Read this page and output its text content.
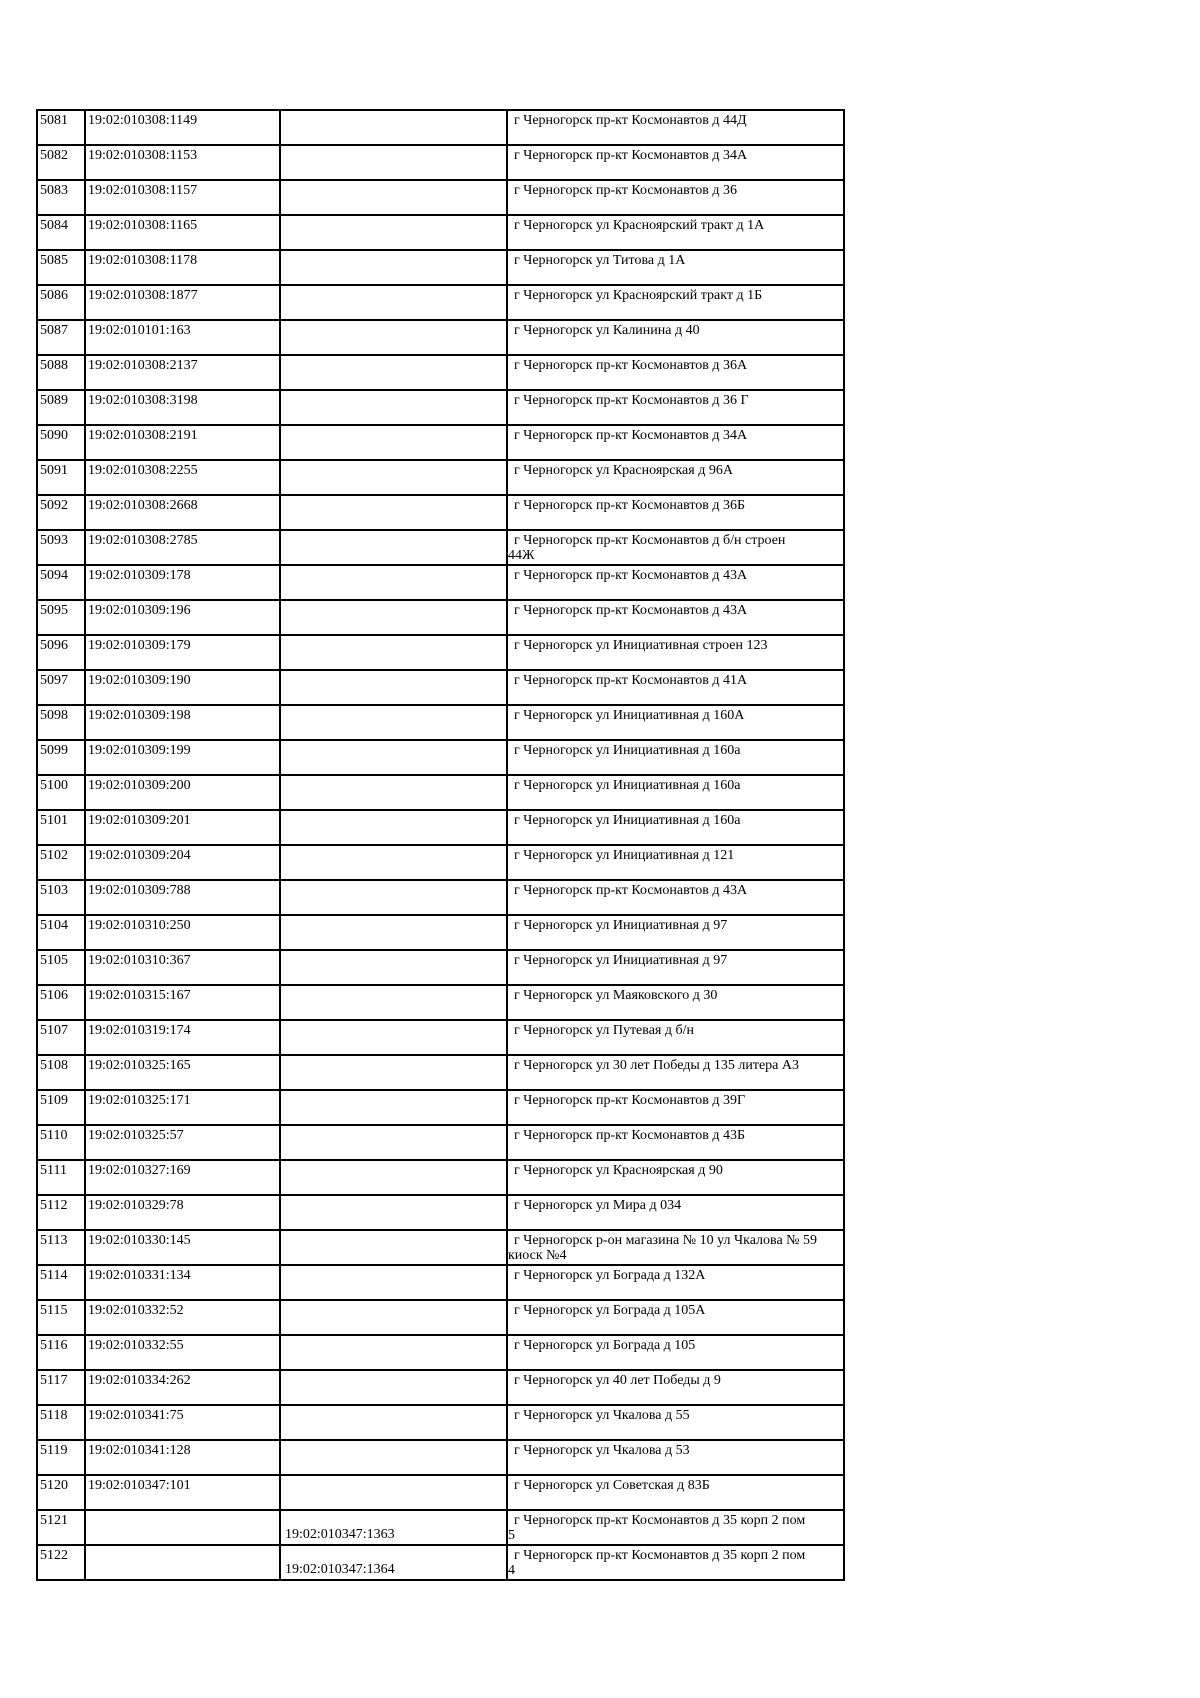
5081	19:02:010308:1149		г Черногорск пр-кт Космонавтов д 44Д

5082	19:02:010308:1153		г Черногорск пр-кт Космонавтов д 34А

5083	19:02:010308:1157		г Черногорск пр-кт Космонавтов д 36

5084	19:02:010308:1165		г Черногорск ул Красноярский тракт д 1А

5085	19:02:010308:1178		г Черногорск ул Титова д 1А

5086	19:02:010308:1877		г Черногорск ул Красноярский тракт д 1Б

5087	19:02:010101:163		г Черногорск ул Калинина д 40

5088	19:02:010308:2137		г Черногорск пр-кт Космонавтов д 36А

5089	19:02:010308:3198		г Черногорск пр-кт Космонавтов д 36 Г

5090	19:02:010308:2191		г Черногорск пр-кт Космонавтов д 34А

5091	19:02:010308:2255		г Черногорск ул Красноярская д 96А

5092	19:02:010308:2668		г Черногорск пр-кт Космонавтов д 36Б

5093	19:02:010308:2785		г Черногорск пр-кт Космонавтов д б/н строен
44Ж

5094	19:02:010309:178		г Черногорск пр-кт Космонавтов д 43А

5095	19:02:010309:196		г Черногорск пр-кт Космонавтов д 43А

5096	19:02:010309:179		г Черногорск ул Инициативная строен 123

5097	19:02:010309:190		г Черногорск пр-кт Космонавтов д 41А

5098	19:02:010309:198		г Черногорск ул Инициативная д 160А

5099	19:02:010309:199		г Черногорск ул Инициативная д 160а

5100	19:02:010309:200		г Черногорск ул Инициативная д 160а

5101	19:02:010309:201		г Черногорск ул Инициативная д 160а

5102	19:02:010309:204		г Черногорск ул Инициативная д 121

5103	19:02:010309:788		г Черногорск пр-кт Космонавтов д 43А

5104	19:02:010310:250		г Черногорск ул Инициативная д 97

5105	19:02:010310:367		г Черногорск ул Инициативная д 97

5106	19:02:010315:167		г Черногорск ул Маяковского д 30

5107	19:02:010319:174		г Черногорск ул Путевая д б/н

5108	19:02:010325:165		г Черногорск ул 30 лет Победы д 135 литера А3

5109	19:02:010325:171		г Черногорск пр-кт Космонавтов д 39Г

5110	19:02:010325:57		г Черногорск пр-кт Космонавтов д 43Б

5111	19:02:010327:169		г Черногорск ул Красноярская д 90

5112	19:02:010329:78		г Черногорск ул Мира д 034

5113	19:02:010330:145		г Черногорск р-он магазина № 10 ул Чкалова № 59
киоск №4

5114	19:02:010331:134		г Черногорск ул Бограда д 132А

5115	19:02:010332:52		г Черногорск ул Бограда д 105А

5116	19:02:010332:55		г Черногорск ул Бограда д 105

5117	19:02:010334:262		г Черногорск ул 40 лет Победы д 9

5118	19:02:010341:75		г Черногорск ул Чкалова д 55

5119	19:02:010341:128		г Черногорск ул Чкалова д 53

5120	19:02:010347:101		г Черногорск ул Советская д 83Б

5121		19:02:010347:1363	г Черногорск пр-кт Космонавтов д 35 корп 2 пом
5

5122		19:02:010347:1364	г Черногорск пр-кт Космонавтов д 35 корп 2 пом
4
